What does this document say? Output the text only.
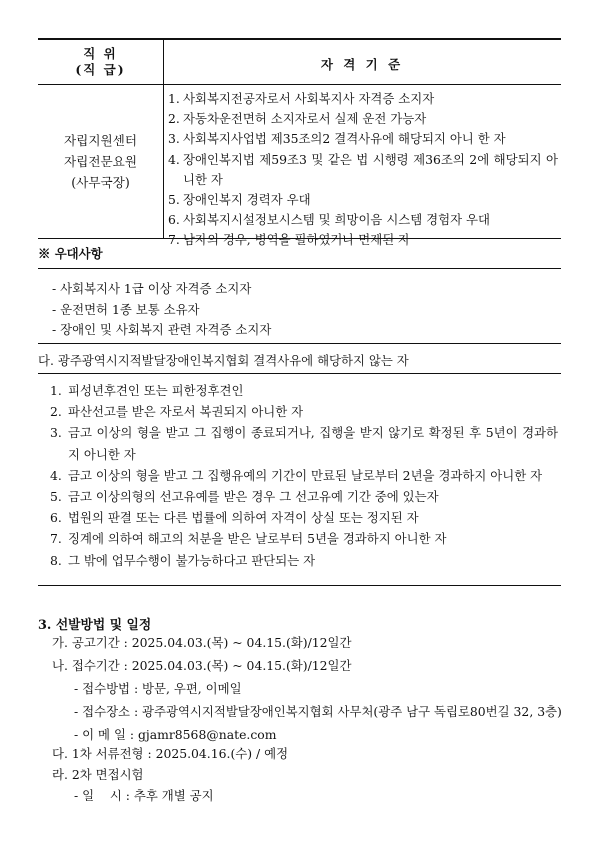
직 위
(직 급)	자 격 기 준
자립지원센터
자립전문요원
(사무국장)
1. 사회복지전공자로서 사회복지사 자격증 소지자
2. 자동차운전면허 소지자로서 실제 운전 가능자
3. 사회복지사업법 제35조의2 결격사유에 해당되지 아니 한 자
4. 장애인복지법 제59조3 및 같은 법 시행령 제36조의 2에 해당되지 아니한 자
5. 장애인복지 경력자 우대
6. 사회복지시설정보시스템 및 희망이음 시스템 경험자 우대
7. 남자의 경우, 병역을 필하였거나 면제된 자
※ 우대사항
- 사회복지사 1급 이상 자격증 소지자
- 운전면허 1종 보통 소유자
- 장애인 및 사회복지 관련 자격증 소지자
다. 광주광역시지적발달장애인복지협회 결격사유에 해당하지 않는 자
1. 피성년후견인 또는 피한정후견인
2. 파산선고를 받은 자로서 복권되지 아니한 자
3. 금고 이상의 형을 받고 그 집행이 종료되거나, 집행을 받지 않기로 확정된 후 5년이 경과하지 아니한 자
4. 금고 이상의 형을 받고 그 집행유예의 기간이 만료된 날로부터 2년을 경과하지 아니한 자
5. 금고 이상의형의 선고유예를 받은 경우 그 선고유예 기간 중에 있는자
6. 법원의 판결 또는 다른 법률에 의하여 자격이 상실 또는 정지된 자
7. 징계에 의하여 해고의 처분을 받은 날로부터 5년을 경과하지 아니한 자
8. 그 밖에 업무수행이 불가능하다고 판단되는 자
3. 선발방법 및 일정
가. 공고기간 : 2025.04.03.(목) ~ 04.15.(화)/12일간
나. 접수기간 : 2025.04.03.(목) ~ 04.15.(화)/12일간
- 접수방법 : 방문, 우편, 이메일
- 접수장소 : 광주광역시지적발달장애인복지협회 사무처(광주 남구 독립로80번길 32, 3층)
- 이 메 일 : gjamr8568@nate.com
다. 1차 서류전형 : 2025.04.16.(수) / 예정
라. 2차 면접시험
- 일    시 : 추후 개별 공지
